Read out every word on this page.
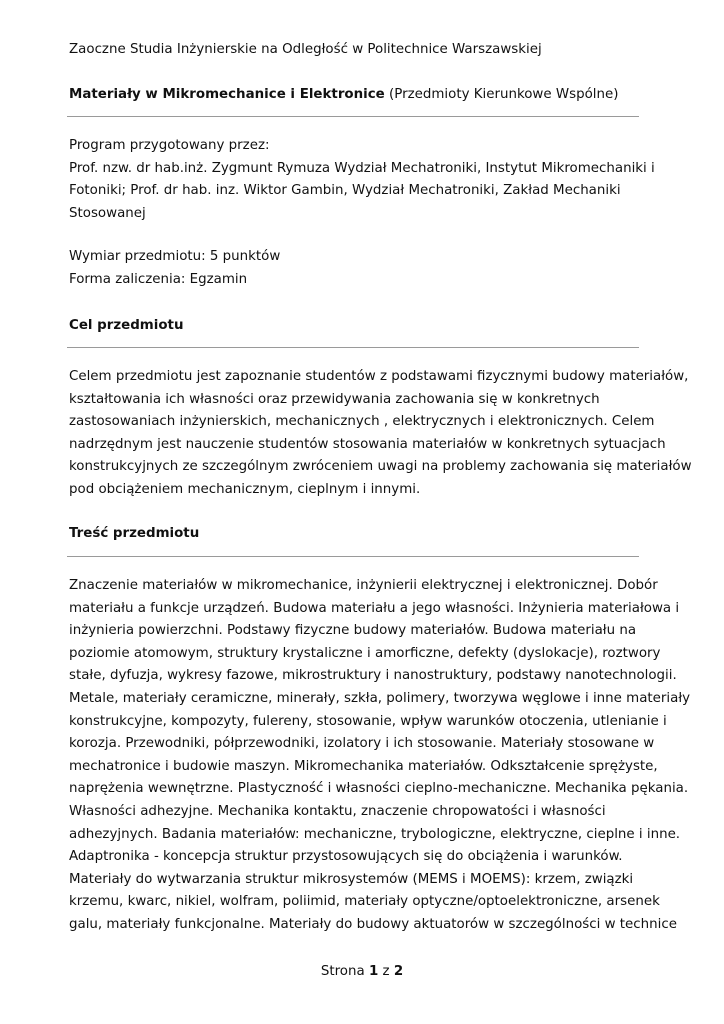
Zaoczne Studia Inżynierskie na Odległość w Politechnice Warszawskiej
Materiały w Mikromechanice i Elektronice (Przedmioty Kierunkowe Wspólne)
Program przygotowany przez:
Prof. nzw. dr hab.inż. Zygmunt Rymuza Wydział Mechatroniki, Instytut Mikromechaniki i
Fotoniki; Prof. dr hab. inz. Wiktor Gambin, Wydział Mechatroniki, Zakład Mechaniki
Stosowanej
Wymiar przedmiotu: 5 punktów
Forma zaliczenia: Egzamin
Cel przedmiotu
Celem przedmiotu jest zapoznanie studentów z podstawami fizycznymi budowy materiałów,
kształtowania ich własności oraz przewidywania zachowania się w konkretnych
zastosowaniach inżynierskich, mechanicznych , elektrycznych i elektronicznych. Celem
nadrzędnym jest nauczenie studentów stosowania materiałów w konkretnych sytuacjach
konstrukcyjnych ze szczególnym zwróceniem uwagi na problemy zachowania się materiałów
pod obciążeniem mechanicznym, cieplnym i innymi.
Treść przedmiotu
Znaczenie materiałów w mikromechanice, inżynierii elektrycznej i elektronicznej. Dobór
materiału a funkcje urządzeń. Budowa materiału a jego własności. Inżynieria materiałowa i
inżynieria powierzchni. Podstawy fizyczne budowy materiałów. Budowa materiału na
poziomie atomowym, struktury krystaliczne i amorficzne, defekty (dyslokacje), roztwory
stałe, dyfuzja, wykresy fazowe, mikrostruktury i nanostruktury, podstawy nanotechnologii.
Metale, materiały ceramiczne, minerały, szkła, polimery, tworzywa węglowe i inne materiały
konstrukcyjne, kompozyty, fulereny, stosowanie, wpływ warunków otoczenia, utlenianie i
korozja. Przewodniki, półprzewodniki, izolatory i ich stosowanie. Materiały stosowane w
mechatronice i budowie maszyn. Mikromechanika materiałów. Odkształcenie sprężyste,
naprężenia wewnętrzne. Plastyczność i własności cieplno-mechaniczne. Mechanika pękania.
Własności adhezyjne. Mechanika kontaktu, znaczenie chropowatości i własności
adhezyjnych. Badania materiałów: mechaniczne, trybologiczne, elektryczne, cieplne i inne.
Adaptronika - koncepcja struktur przystosowujących się do obciążenia i warunków.
Materiały do wytwarzania struktur mikrosystemów (MEMS i MOEMS): krzem, związki
krzemu, kwarc, nikiel, wolfram, poliimid, materiały optyczne/optoelektroniczne, arsenek
galu, materiały funkcjonalne. Materiały do budowy aktuatorów w szczególności w technice
Strona 1 z 2
